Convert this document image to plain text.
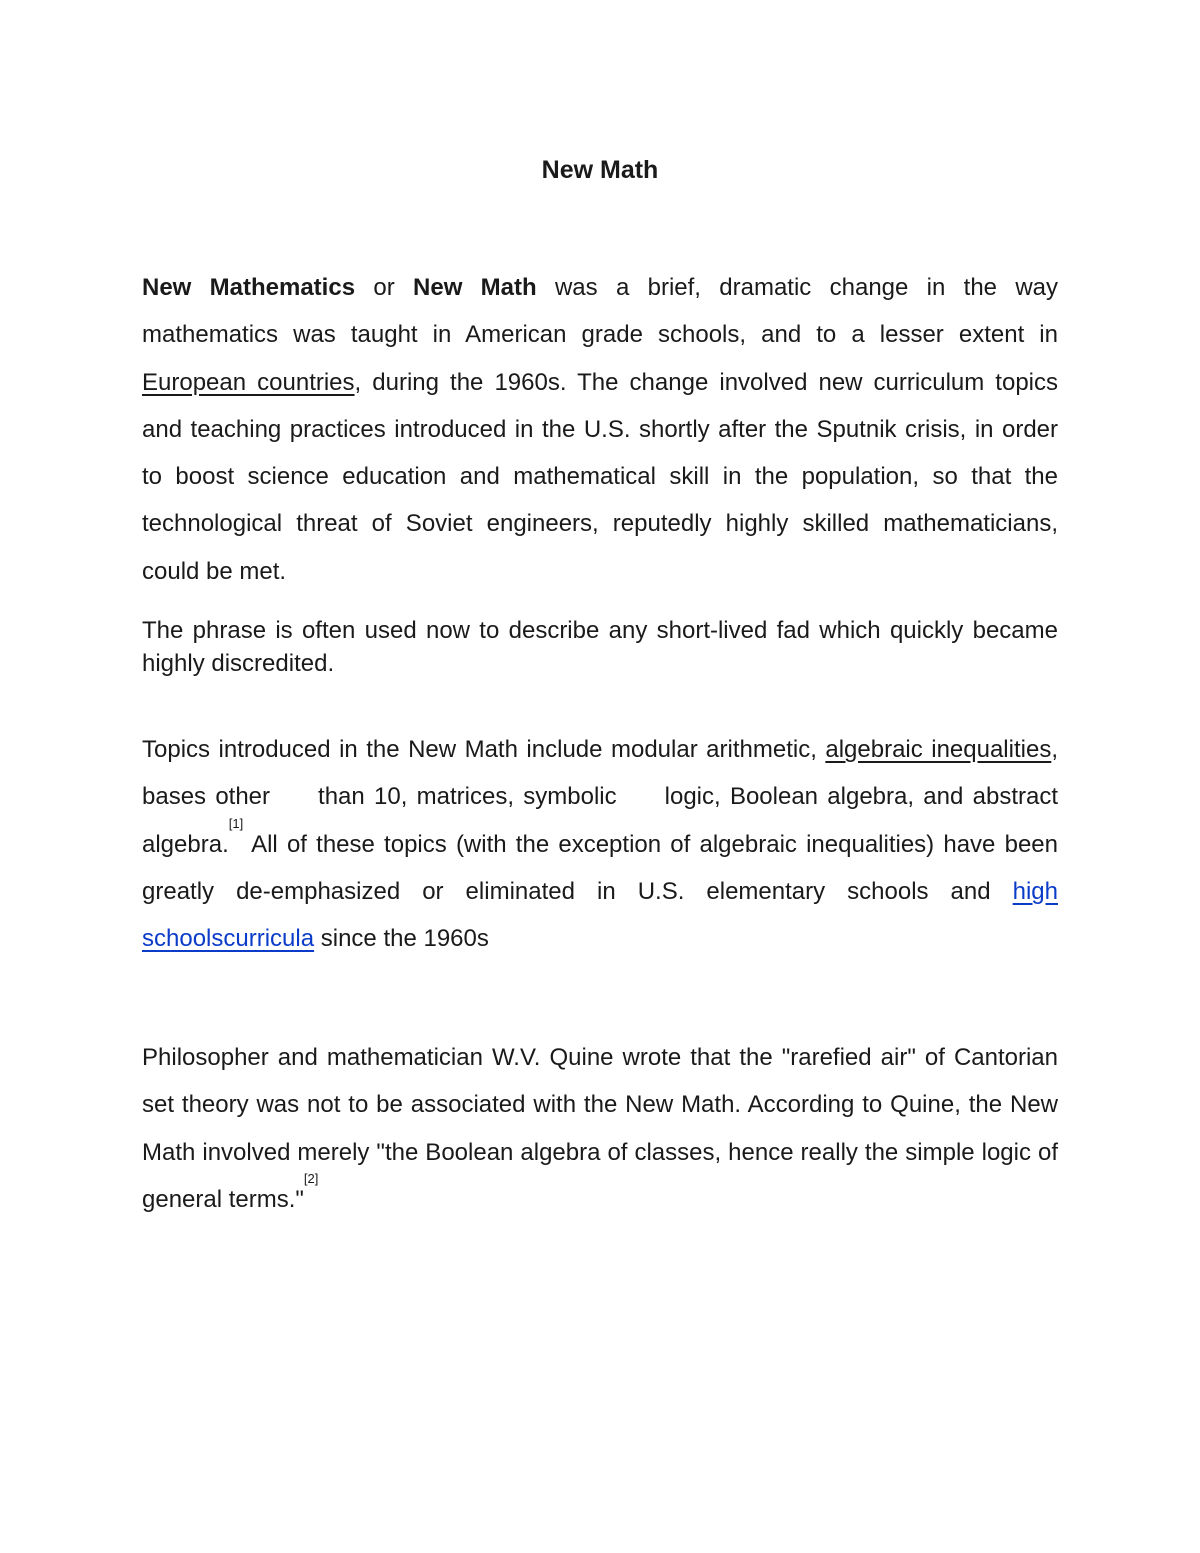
New Math

New Mathematics or New Math was a brief, dramatic change in the way mathematics was taught in American grade schools, and to a lesser extent in European countries, during the 1960s. The change involved new curriculum topics and teaching practices introduced in the U.S. shortly after the Sputnik crisis, in order to boost science education and mathematical skill in the population, so that the technological threat of Soviet engineers, reputedly highly skilled mathematicians, could be met.

The phrase is often used now to describe any short-lived fad which quickly became highly discredited.

Topics introduced in the New Math include modular arithmetic, algebraic inequalities, bases other than 10, matrices, symbolic logic, Boolean algebra, and abstract algebra.[1] All of these topics (with the exception of algebraic inequalities) have been greatly de-emphasized or eliminated in U.S. elementary schools and high schoolscurricula since the 1960s

Philosopher and mathematician W.V. Quine wrote that the "rarefied air" of Cantorian set theory was not to be associated with the New Math. According to Quine, the New Math involved merely "the Boolean algebra of classes, hence really the simple logic of general terms."[2]
